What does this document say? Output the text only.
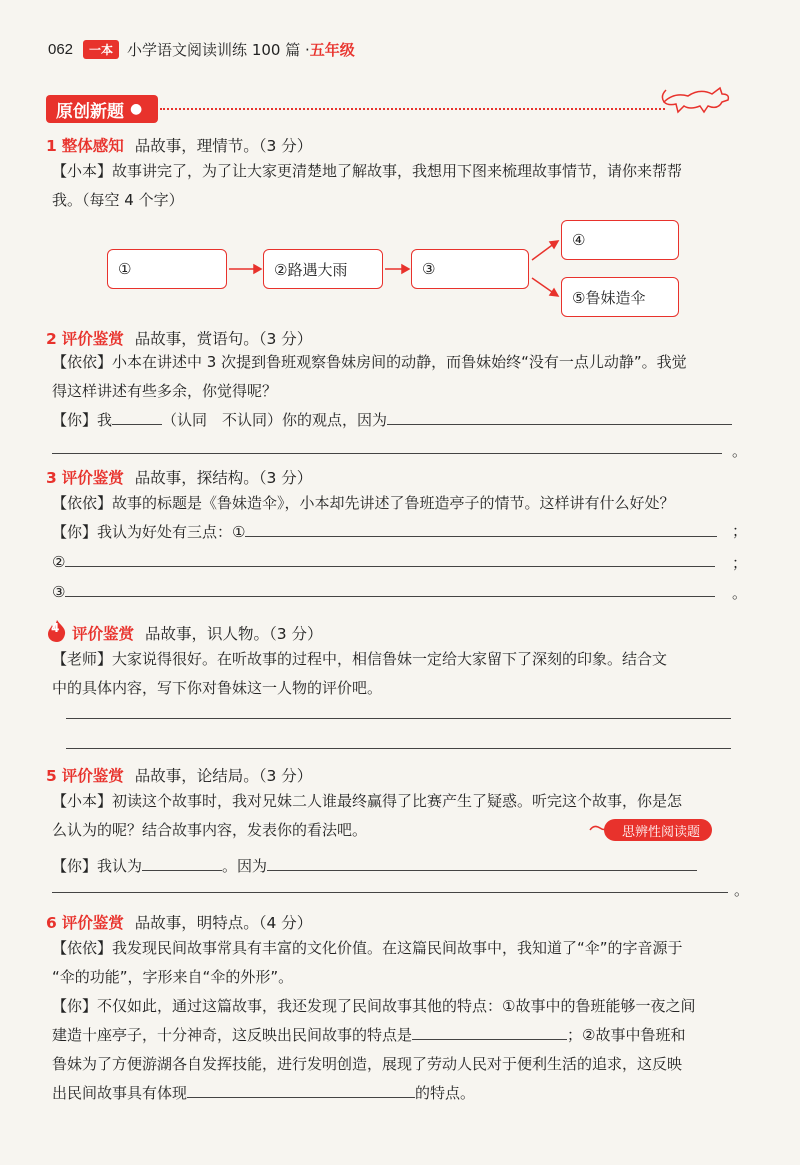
062	一本 小学语文阅读训练 100 篇 · 五年级
原创新题 ●
1 整体感知 品故事，理情节。（3 分）
【小本】故事讲完了，为了让大家更清楚地了解故事，我想用下图来梳理故事情节，请你来帮帮
我。（每空 4 个字）
①	②路遇大雨	③
④
⑤鲁妹造伞
2 评价鉴赏 品故事，赏语句。（3 分）
【依依】小本在讲述中 3 次提到鲁班观察鲁妹房间的动静，而鲁妹始终“没有一点儿动静”。我觉
得这样讲述有些多余，你觉得呢？
【你】我	（认同　不认同）你的观点，因为
。
3 评价鉴赏 品故事，探结构。（3 分）
【依依】故事的标题是《鲁妹造伞》，小本却先讲述了鲁班造亭子的情节。这样讲有什么好处？
【你】我认为好处有三点：①	；
②	；
③	。
4 评价鉴赏 品故事，识人物。（3 分）
【老师】大家说得很好。在听故事的过程中，相信鲁妹一定给大家留下了深刻的印象。结合文
中的具体内容，写下你对鲁妹这一人物的评价吧。
5 评价鉴赏 品故事，论结局。（3 分）
【小本】初读这个故事时，我对兄妹二人谁最终赢得了比赛产生了疑惑。听完这个故事，你是怎
么认为的呢？结合故事内容，发表你的看法吧。	思辨性阅读题
【你】我认为	。因为
。
6 评价鉴赏 品故事，明特点。（4 分）
【依依】我发现民间故事常具有丰富的文化价值。在这篇民间故事中，我知道了“伞”的字音源于
“伞的功能”，字形来自“伞的外形”。
【你】不仅如此，通过这篇故事，我还发现了民间故事其他的特点：①故事中的鲁班能够一夜之间
建造十座亭子，十分神奇，这反映出民间故事的特点是	；②故事中鲁班和
鲁妹为了方便游湖各自发挥技能，进行发明创造，展现了劳动人民对于便利生活的追求，这反映
出民间故事具有体现	的特点。
